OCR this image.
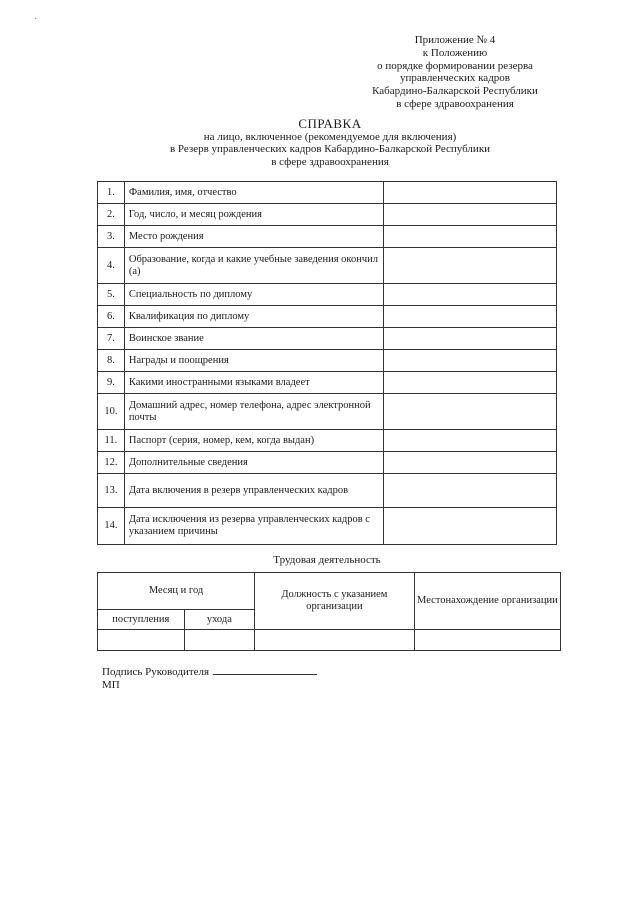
·
Приложение № 4
к Положению
о порядке формировании резерва
управленческих кадров
Кабардино-Балкарской Республики
в сфере здравоохранения
СПРАВКА
на лицо, включенное (рекомендуемое для включения)
в Резерв управленческих кадров Кабардино-Балкарской Республики
в сфере здравоохранения
1.	Фамилия, имя, отчество	
2.	Год, число, и месяц рождения	
3.	Место рождения	
4.	Образование, когда и какие учебные заведения окончил (а)	
5.	Специальность по диплому	
6.	Квалификация по диплому	
7.	Воинское звание	
8.	Награды и поощрения	
9.	Какими иностранными языками владеет	
10.	Домашний адрес, номер телефона, адрес электронной почты	
11.	Паспорт (серия, номер, кем, когда выдан)	
12.	Дополнительные сведения	
13.	Дата включения в резерв управленческих кадров	
14.	Дата исключения из резерва управленческих кадров с указанием причины	
Трудовая деятельность
Месяц и год		Должность с указанием организации	Местонахождение организации
поступления	ухода		

Подпись Руководителя
МП
